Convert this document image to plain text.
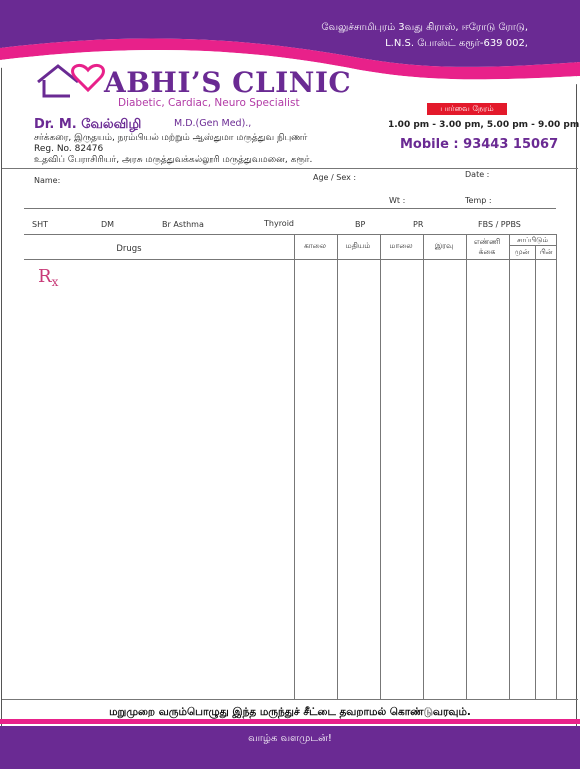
வேலுச்சாமிபுரம் 3வது கிராஸ், ஈரோடு ரோடு,
L.N.S. போஸ்ட் கரூர்-639 002,
ABHI’S CLINIC
Diabetic, Cardiac, Neuro Specialist
Dr. M. வேல்விழி	M.D.(Gen Med).,
சர்க்கரை, இருதயம், நரம்பியல் மற்றும் ஆஸ்துமா மருத்துவ நிபுணர்
Reg. No. 82476
உதவிப் பேராசிரியர், அரசு மருத்துவக்கல்லூரி மருத்துவமனை, கரூர்.
பார்வை நேரம்
1.00 pm - 3.00 pm, 5.00 pm - 9.00 pm
Mobile : 93443 15067
Name:	Age / Sex :	Date :
Wt :	Temp :
SHT	DM	Br Asthma	Thyroid	BP	PR	FBS / PPBS
Drugs	காலை	மதியம்	மாலை	இரவு	எண்ணி
க்கை
சாப்பிடும்
முன்	பின்
$R_x$
மறுமுறை வரும்பொழுது இந்த மருந்துச் சீட்டை தவறாமல் கொண்டுவரவும்.
வாழ்க வளமுடன்!
